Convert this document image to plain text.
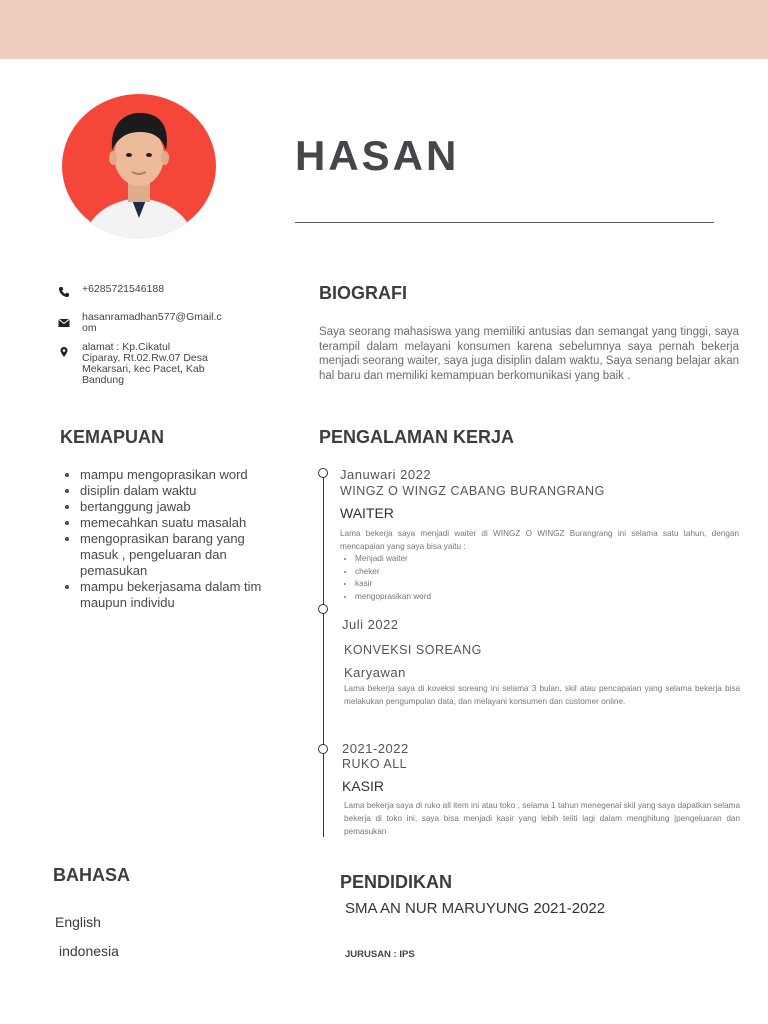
HASAN
+6285721546188
hasanramadhan577@Gmail.c
om
alamat : Kp.Cikatul
Ciparay, Rt.02.Rw.07 Desa
Mekarsari, kec Pacet, Kab
Bandung
BIOGRAFI
Saya seorang mahasiswa yang memiliki antusias dan semangat yang tinggi, saya terampil dalam melayani konsumen karena sebelumnya saya pernah bekerja menjadi seorang waiter, saya juga disiplin dalam waktu, Saya senang belajar akan hal baru dan memiliki kemampuan berkomunikasi yang baik .
KEMAPUAN
• mampu mengoprasikan word
• disiplin dalam waktu
• bertanggung jawab
• memecahkan suatu masalah
• mengoprasikan barang yang masuk , pengeluaran dan pemasukan
• mampu bekerjasama dalam tim maupun individu
PENGALAMAN KERJA
Januwari 2022
WINGZ O WINGZ CABANG BURANGRANG
WAITER
Lama bekerja saya menjadi waiter di WINGZ O WINGZ Burangrang ini selama satu tahun, dengan mencapaian yang saya bisa yaitu :
• Menjadi waiter
• cheker
• kasir
• mengoprasikan word
Juli 2022
KONVEKSI SOREANG
Karyawan
Lama bekerja saya di koveksi soreang ini selama 3 bulan, skil atau pencapaian yang selama bekerja bisa melakukan pengumpulan data, dan melayani konsumen dan customer online.
2021-2022
RUKO ALL
KASIR
Lama bekerja saya di ruko all item ini atau toko , selama 1 tahun menegenai skil yang saya dapatkan selama bekerja di toko ini, saya bisa menjadi kasir yang lebih teliti lagi dalam menghitung |pengeluaran dan pemasukan
BAHASA
English
indonesia
PENDIDIKAN
SMA AN NUR MARUYUNG 2021-2022
JURUSAN : IPS
